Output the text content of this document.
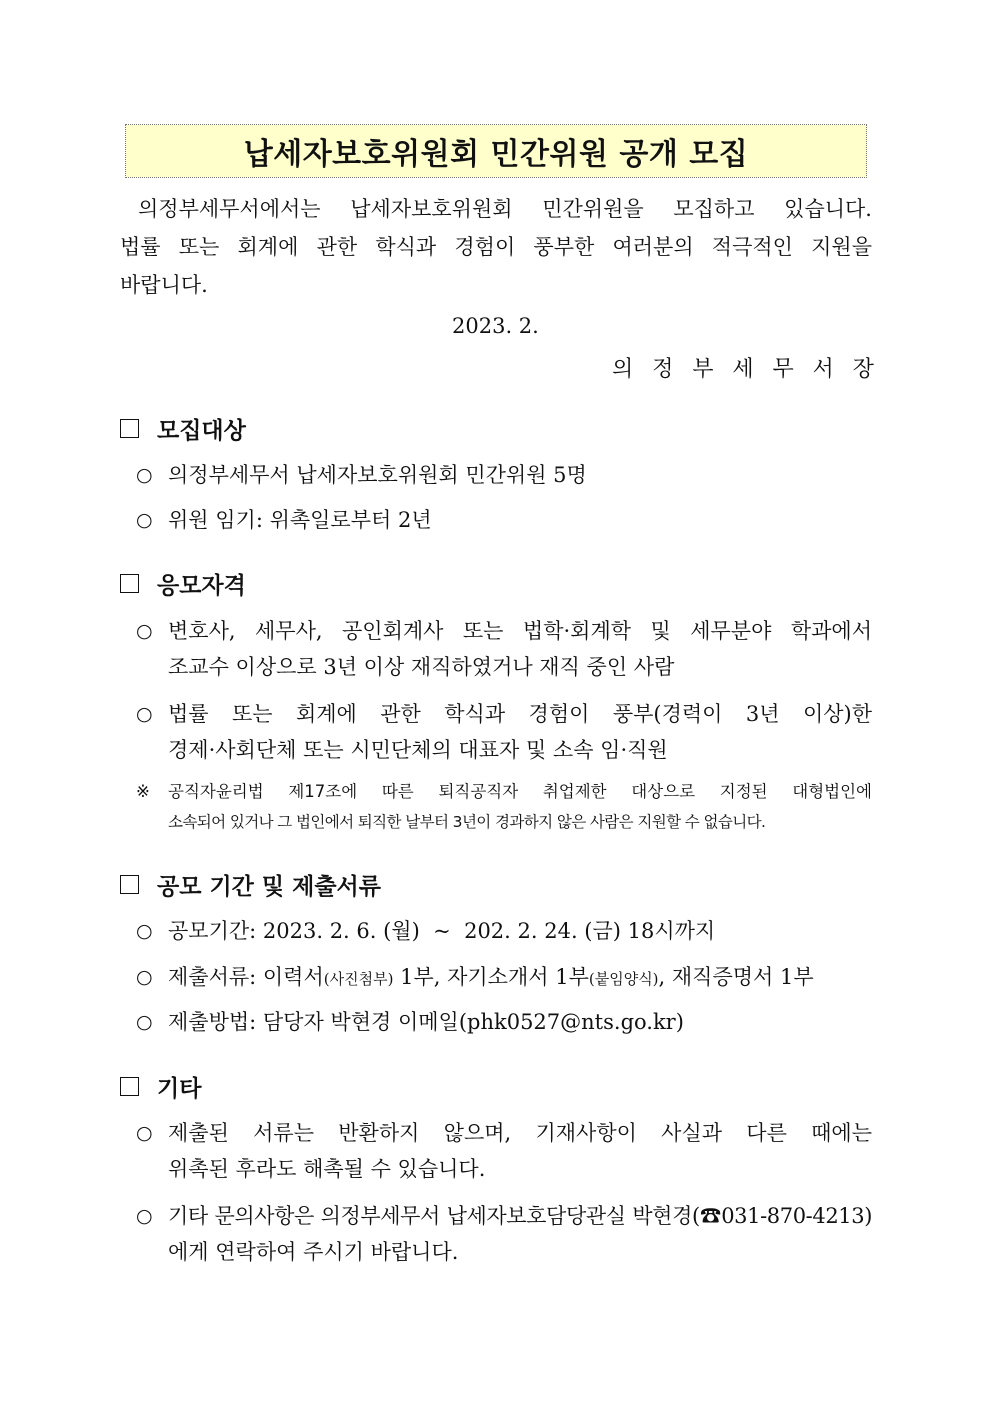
납세자보호위원회 민간위원 공개 모집
의정부세무서에서는 납세자보호위원회 민간위원을 모집하고 있습니다.
법률 또는 회계에 관한 학식과 경험이 풍부한 여러분의 적극적인 지원을
바랍니다.
2023. 2.
의 정 부 세 무 서 장
모집대상
○ 의정부세무서 납세자보호위원회 민간위원 5명
○ 위원 임기: 위촉일로부터 2년
응모자격
○ 변호사, 세무사, 공인회계사 또는 법학·회계학 및 세무분야 학과에서
조교수 이상으로 3년 이상 재직하였거나 재직 중인 사람
○ 법률 또는 회계에 관한 학식과 경험이 풍부(경력이 3년 이상)한
경제·사회단체 또는 시민단체의 대표자 및 소속 임·직원
※ 공직자윤리법 제17조에 따른 퇴직공직자 취업제한 대상으로 지정된 대형법인에
소속되어 있거나 그 법인에서 퇴직한 날부터 3년이 경과하지 않은 사람은 지원할 수 없습니다.
공모 기간 및 제출서류
○ 공모기간: 2023. 2. 6. (월)  ~  202. 2. 24. (금) 18시까지
○ 제출서류: 이력서(사진첨부) 1부, 자기소개서 1부(붙임양식), 재직증명서 1부
○ 제출방법: 담당자 박현경 이메일(phk0527@nts.go.kr)
기타
○ 제출된 서류는 반환하지 않으며, 기재사항이 사실과 다른 때에는
위촉된 후라도 해촉될 수 있습니다.
○ 기타 문의사항은 의정부세무서 납세자보호담당관실 박현경(☎031-870-4213)
에게 연락하여 주시기 바랍니다.
